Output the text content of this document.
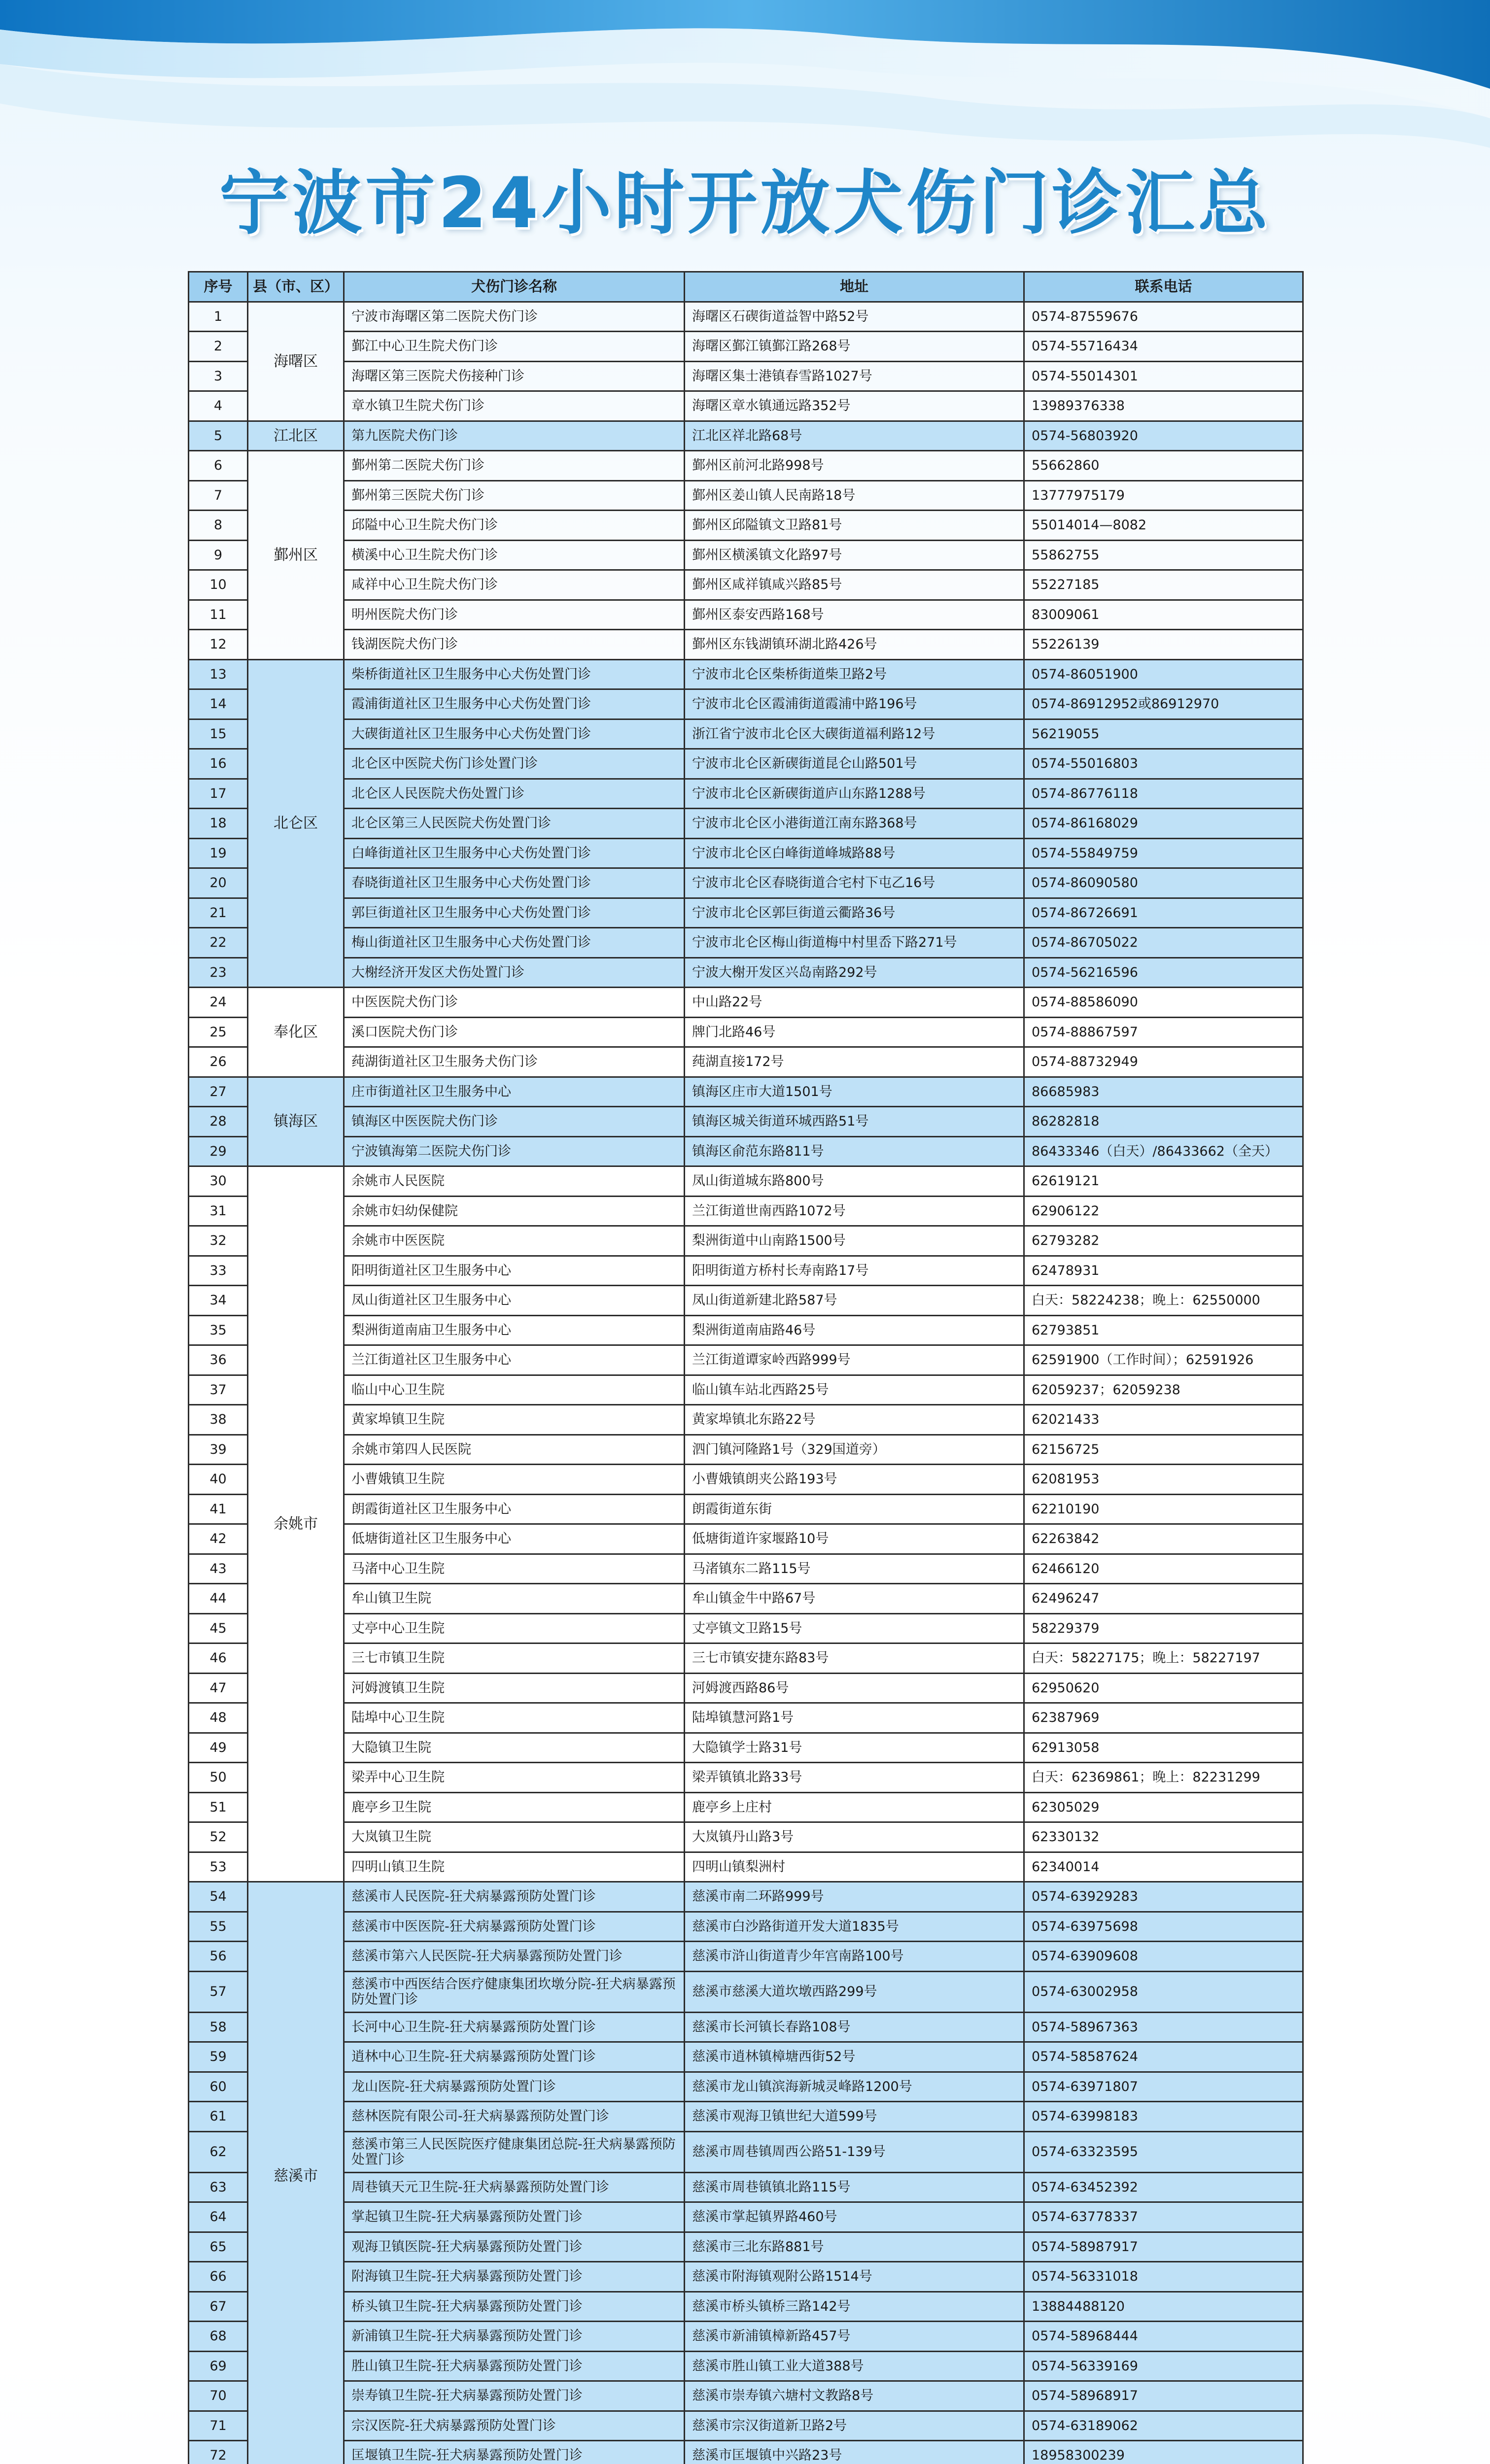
宁波市24小时开放犬伤门诊汇总
序号	县（市、区）	犬伤门诊名称	地址	联系电话
1	海曙区	宁波市海曙区第二医院犬伤门诊	海曙区石碶街道益智中路52号	0574-87559676
2		鄞江中心卫生院犬伤门诊	海曙区鄞江镇鄞江路268号	0574-55716434
3		海曙区第三医院犬伤接种门诊	海曙区集士港镇春雪路1027号	0574-55014301
4		章水镇卫生院犬伤门诊	海曙区章水镇通远路352号	13989376338
5	江北区	第九医院犬伤门诊	江北区祥北路68号	0574-56803920
6	鄞州区	鄞州第二医院犬伤门诊	鄞州区前河北路998号	55662860
7		鄞州第三医院犬伤门诊	鄞州区姜山镇人民南路18号	13777975179
8		邱隘中心卫生院犬伤门诊	鄞州区邱隘镇文卫路81号	55014014—8082
9		横溪中心卫生院犬伤门诊	鄞州区横溪镇文化路97号	55862755
10		咸祥中心卫生院犬伤门诊	鄞州区咸祥镇咸兴路85号	55227185
11		明州医院犬伤门诊	鄞州区泰安西路168号	83009061
12		钱湖医院犬伤门诊	鄞州区东钱湖镇环湖北路426号	55226139
13	北仑区	柴桥街道社区卫生服务中心犬伤处置门诊	宁波市北仑区柴桥街道柴卫路2号	0574-86051900
14		霞浦街道社区卫生服务中心犬伤处置门诊	宁波市北仑区霞浦街道霞浦中路196号	0574-86912952或86912970
15		大碶街道社区卫生服务中心犬伤处置门诊	浙江省宁波市北仑区大碶街道福利路12号	56219055
16		北仑区中医院犬伤门诊处置门诊	宁波市北仑区新碶街道昆仑山路501号	0574-55016803
17		北仑区人民医院犬伤处置门诊	宁波市北仑区新碶街道庐山东路1288号	0574-86776118
18		北仑区第三人民医院犬伤处置门诊	宁波市北仑区小港街道江南东路368号	0574-86168029
19		白峰街道社区卫生服务中心犬伤处置门诊	宁波市北仑区白峰街道峰城路88号	0574-55849759
20		春晓街道社区卫生服务中心犬伤处置门诊	宁波市北仑区春晓街道合宅村下屯乙16号	0574-86090580
21		郭巨街道社区卫生服务中心犬伤处置门诊	宁波市北仑区郭巨街道云衢路36号	0574-86726691
22		梅山街道社区卫生服务中心犬伤处置门诊	宁波市北仑区梅山街道梅中村里岙下路271号	0574-86705022
23		大榭经济开发区犬伤处置门诊	宁波大榭开发区兴岛南路292号	0574-56216596
24	奉化区	中医医院犬伤门诊	中山路22号	0574-88586090
25		溪口医院犬伤门诊	牌门北路46号	0574-88867597
26		莼湖街道社区卫生服务犬伤门诊	莼湖直接172号	0574-88732949
27	镇海区	庄市街道社区卫生服务中心	镇海区庄市大道1501号	86685983
28		镇海区中医医院犬伤门诊	镇海区城关街道环城西路51号	86282818
29		宁波镇海第二医院犬伤门诊	镇海区俞范东路811号	86433346（白天）/86433662（全天）
30	余姚市	余姚市人民医院	凤山街道城东路800号	62619121
31		余姚市妇幼保健院	兰江街道世南西路1072号	62906122
32		余姚市中医医院	梨洲街道中山南路1500号	62793282
33		阳明街道社区卫生服务中心	阳明街道方桥村长寿南路17号	62478931
34		凤山街道社区卫生服务中心	凤山街道新建北路587号	白天：58224238；晚上：62550000
35		梨洲街道南庙卫生服务中心	梨洲街道南庙路46号	62793851
36		兰江街道社区卫生服务中心	兰江街道谭家岭西路999号	62591900（工作时间）；62591926
37		临山中心卫生院	临山镇车站北西路25号	62059237；62059238
38		黄家埠镇卫生院	黄家埠镇北东路22号	62021433
39		余姚市第四人民医院	泗门镇河隆路1号（329国道旁）	62156725
40		小曹娥镇卫生院	小曹娥镇朗夹公路193号	62081953
41		朗霞街道社区卫生服务中心	朗霞街道东街	62210190
42		低塘街道社区卫生服务中心	低塘街道许家堰路10号	62263842
43		马渚中心卫生院	马渚镇东二路115号	62466120
44		牟山镇卫生院	牟山镇金牛中路67号	62496247
45		丈亭中心卫生院	丈亭镇文卫路15号	58229379
46		三七市镇卫生院	三七市镇安捷东路83号	白天：58227175；晚上：58227197
47		河姆渡镇卫生院	河姆渡西路86号	62950620
48		陆埠中心卫生院	陆埠镇慧河路1号	62387969
49		大隐镇卫生院	大隐镇学士路31号	62913058
50		梁弄中心卫生院	梁弄镇镇北路33号	白天：62369861；晚上：82231299
51		鹿亭乡卫生院	鹿亭乡上庄村	62305029
52		大岚镇卫生院	大岚镇丹山路3号	62330132
53		四明山镇卫生院	四明山镇梨洲村	62340014
54	慈溪市	慈溪市人民医院-狂犬病暴露预防处置门诊	慈溪市南二环路999号	0574-63929283
55		慈溪市中医医院-狂犬病暴露预防处置门诊	慈溪市白沙路街道开发大道1835号	0574-63975698
56		慈溪市第六人民医院-狂犬病暴露预防处置门诊	慈溪市浒山街道青少年宫南路100号	0574-63909608
57		慈溪市中西医结合医疗健康集团坎墩分院-狂犬病暴露预防处置门诊	慈溪市慈溪大道坎墩西路299号	0574-63002958
58		长河中心卫生院-狂犬病暴露预防处置门诊	慈溪市长河镇长春路108号	0574-58967363
59		逍林中心卫生院-狂犬病暴露预防处置门诊	慈溪市逍林镇樟塘西街52号	0574-58587624
60		龙山医院-狂犬病暴露预防处置门诊	慈溪市龙山镇滨海新城灵峰路1200号	0574-63971807
61		慈林医院有限公司-狂犬病暴露预防处置门诊	慈溪市观海卫镇世纪大道599号	0574-63998183
62		慈溪市第三人民医院医疗健康集团总院-狂犬病暴露预防处置门诊	慈溪市周巷镇周西公路51-139号	0574-63323595
63		周巷镇天元卫生院-狂犬病暴露预防处置门诊	慈溪市周巷镇镇北路115号	0574-63452392
64		掌起镇卫生院-狂犬病暴露预防处置门诊	慈溪市掌起镇界路460号	0574-63778337
65		观海卫镇医院-狂犬病暴露预防处置门诊	慈溪市三北东路881号	0574-58987917
66		附海镇卫生院-狂犬病暴露预防处置门诊	慈溪市附海镇观附公路1514号	0574-56331018
67		桥头镇卫生院-狂犬病暴露预防处置门诊	慈溪市桥头镇桥三路142号	13884488120
68		新浦镇卫生院-狂犬病暴露预防处置门诊	慈溪市新浦镇樟新路457号	0574-58968444
69		胜山镇卫生院-狂犬病暴露预防处置门诊	慈溪市胜山镇工业大道388号	0574-56339169
70		崇寿镇卫生院-狂犬病暴露预防处置门诊	慈溪市崇寿镇六塘村文教路8号	0574-58968917
71		宗汉医院-狂犬病暴露预防处置门诊	慈溪市宗汉街道新卫路2号	0574-63189062
72		匡堰镇卫生院-狂犬病暴露预防处置门诊	慈溪市匡堰镇中兴路23号	18958300239
